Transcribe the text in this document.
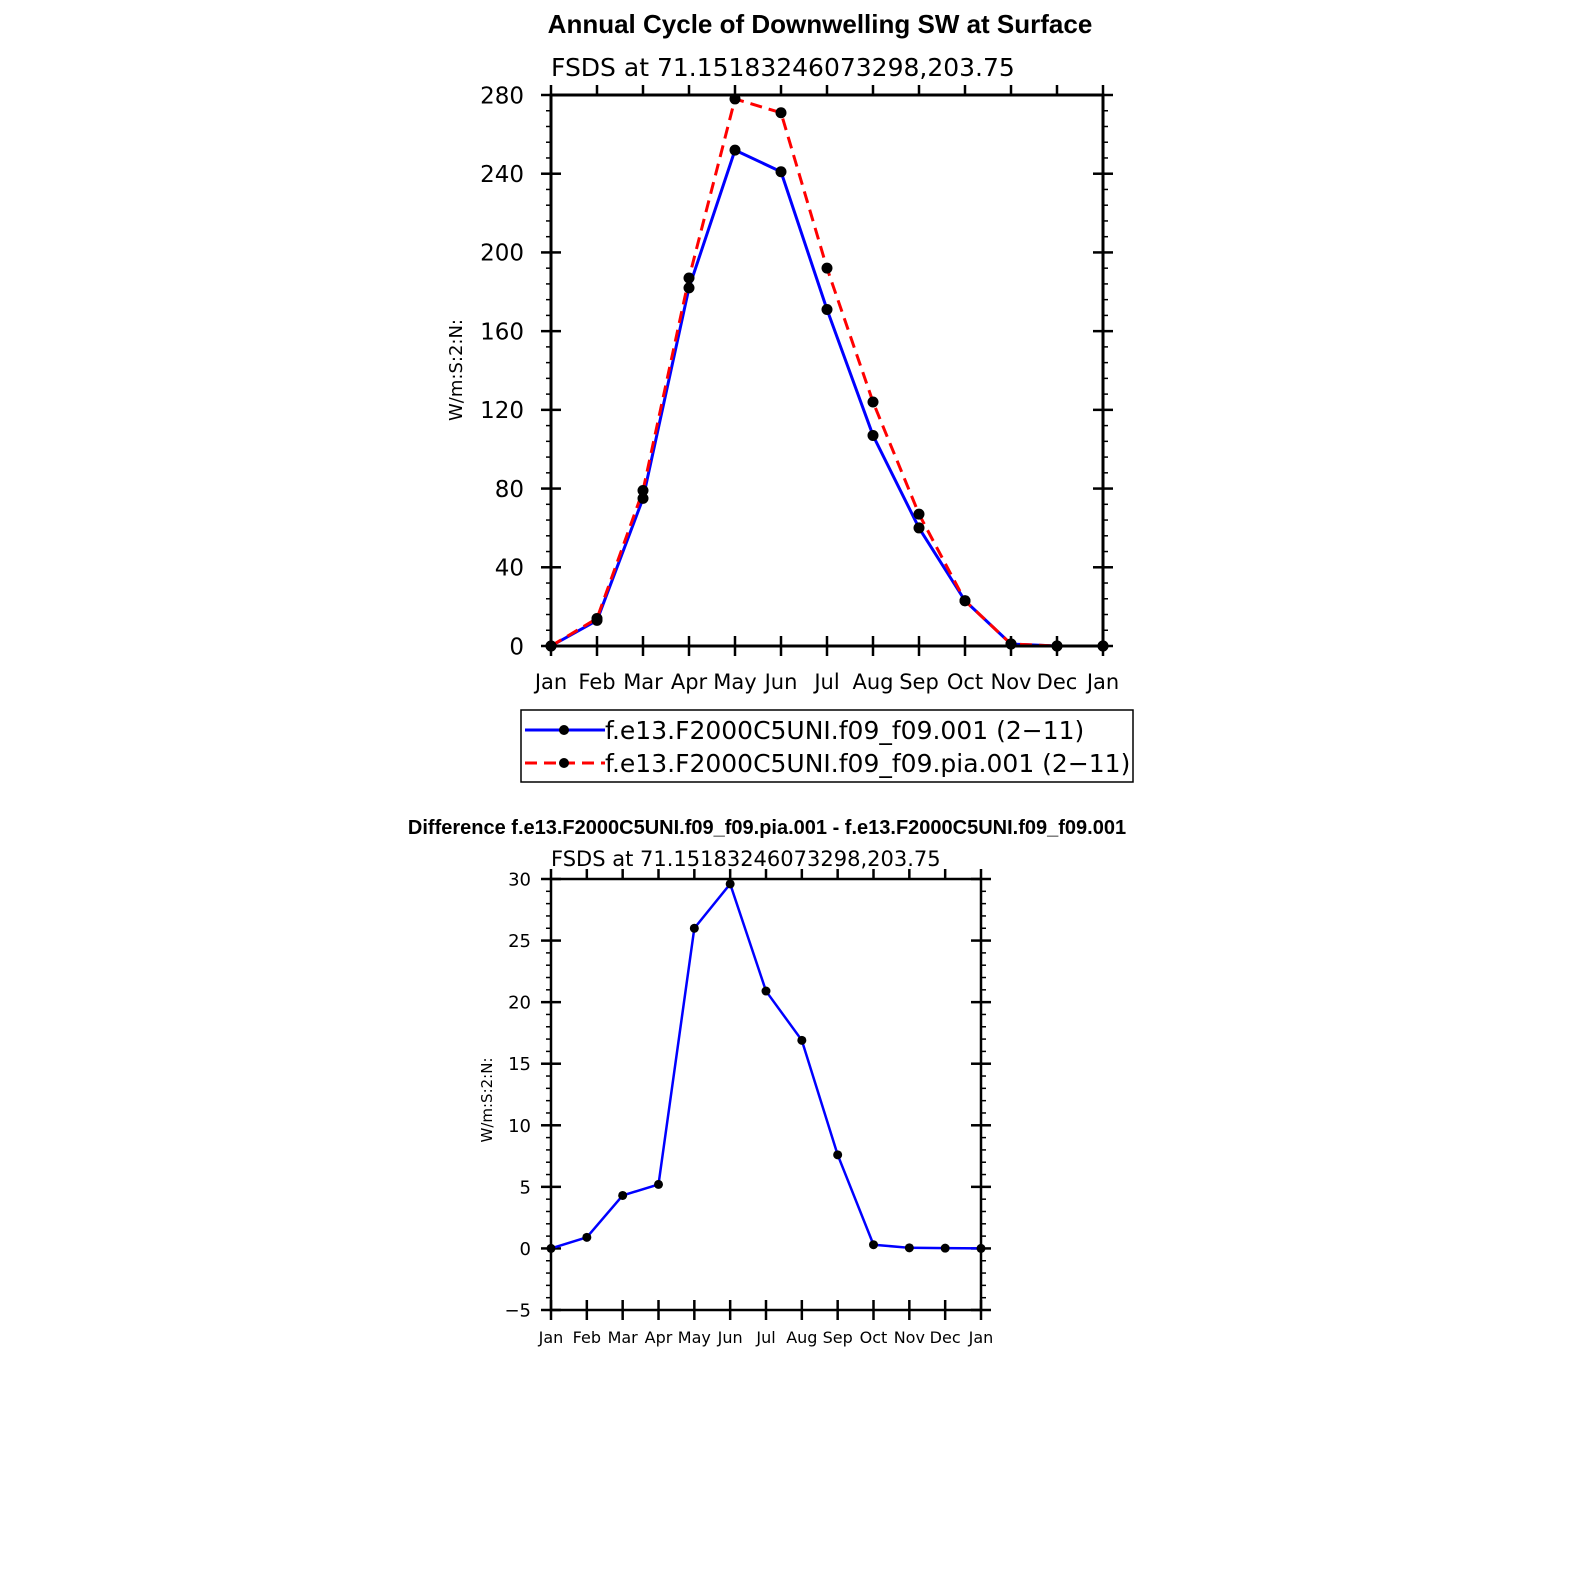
Annual Cycle of Downwelling SW at Surface
FSDS at 71.15183246073298,203.75
W/m:S:2:N:
0
40
80
120
160
200
240
280
Jan Feb Mar Apr May Jun Jul Aug Sep Oct Nov Dec Jan
f.e13.F2000C5UNI.f09_f09.001 (2−11)
f.e13.F2000C5UNI.f09_f09.pia.001 (2−11)
Difference f.e13.F2000C5UNI.f09_f09.pia.001 - f.e13.F2000C5UNI.f09_f09.001
FSDS at 71.15183246073298,203.75
W/m:S:2:N:
−5
0
5
10
15
20
25
30
Jan Feb Mar Apr May Jun Jul Aug Sep Oct Nov Dec Jan
